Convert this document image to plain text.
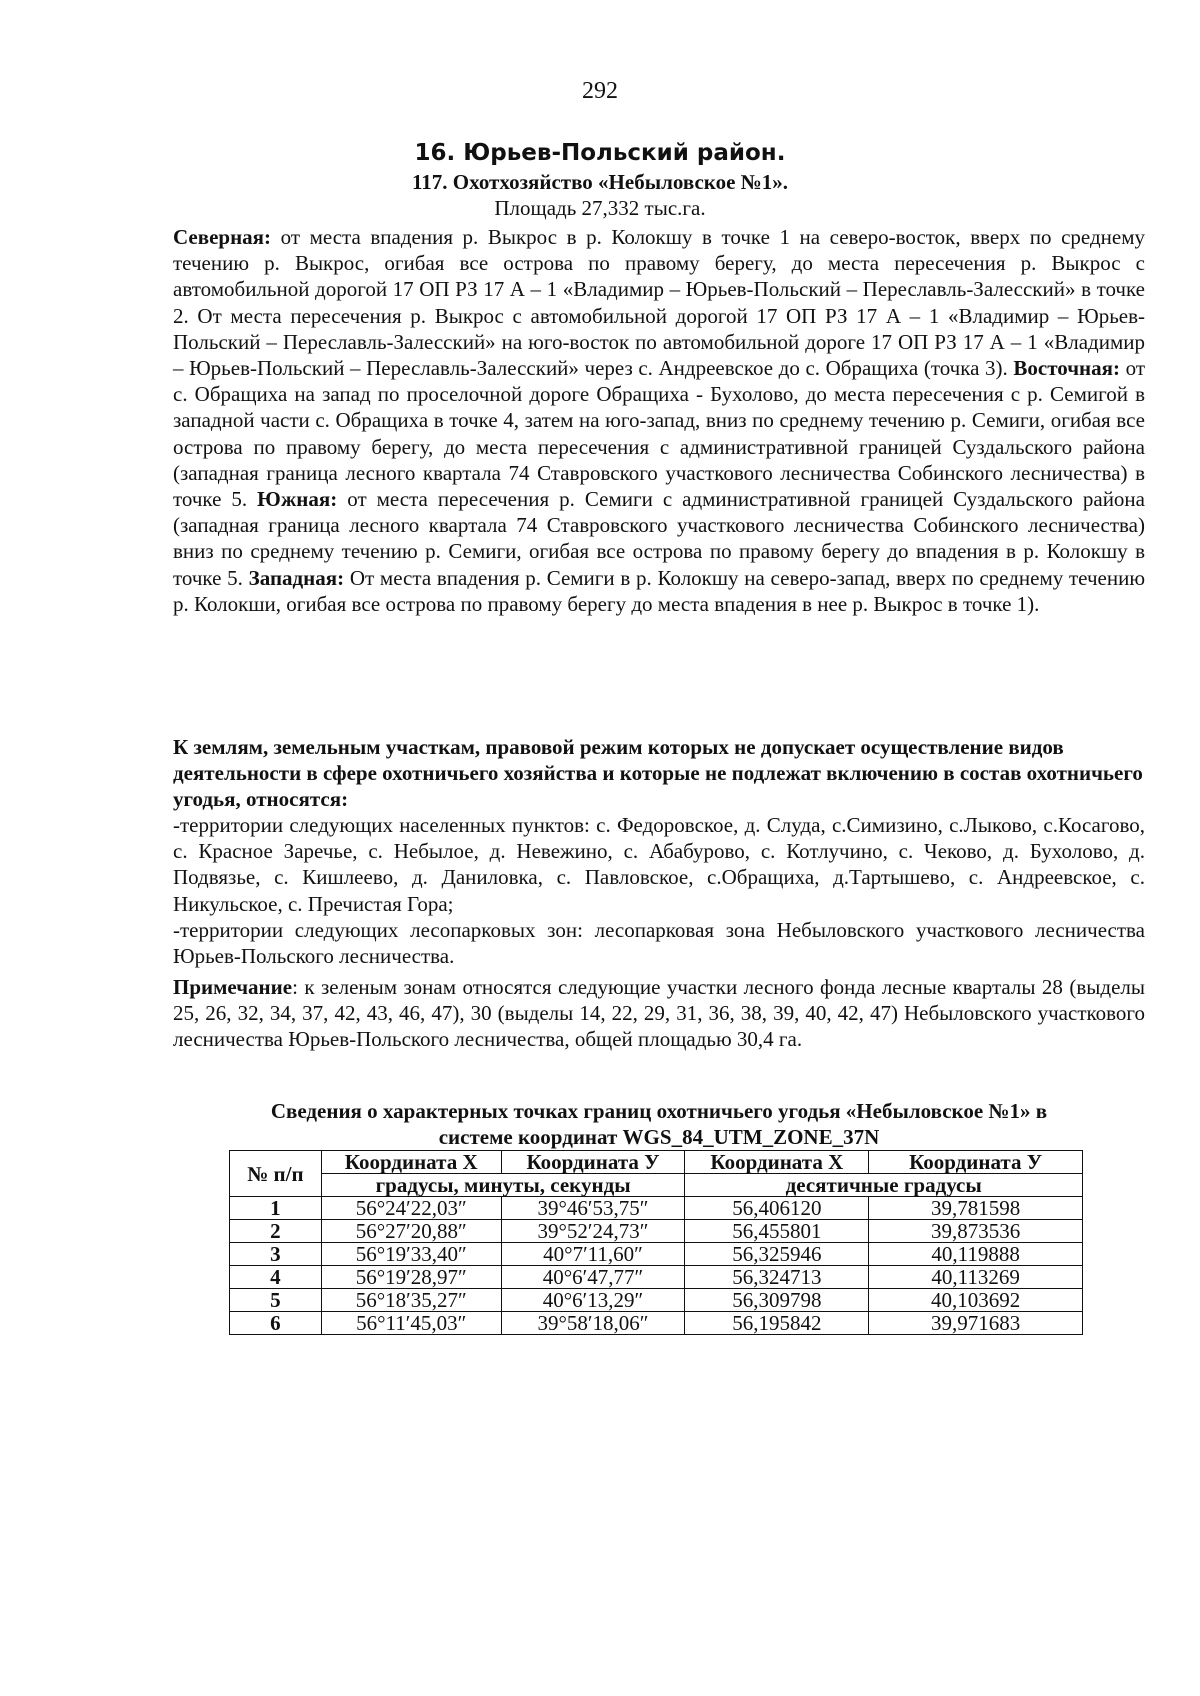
292
16. Юрьев-Польский район.
117. Охотхозяйство «Небыловское №1».
Площадь 27,332 тыс.га.

Северная: от места впадения р. Выкрос в р. Колокшу в точке 1 на северо-восток, вверх по среднему течению р. Выкрос, огибая все острова по правому берегу, до места пересечения р. Выкрос с автомобильной дорогой 17 ОП РЗ 17 А – 1 «Владимир – Юрьев-Польский – Переславль-Залесский» в точке 2. От места пересечения р. Выкрос с автомобильной дорогой 17 ОП РЗ 17 А – 1 «Владимир – Юрьев-Польский – Переславль-Залесский» на юго-восток по автомобильной дороге 17 ОП РЗ 17 А – 1 «Владимир – Юрьев-Польский – Переславль-Залесский» через с. Андреевское до с. Обращиха (точка 3). Восточная: от с. Обращиха на запад по проселочной дороге Обращиха - Бухолово, до места пересечения с р. Семигой в западной части с. Обращиха в точке 4, затем на юго-запад, вниз по среднему течению р. Семиги, огибая все острова по правому берегу, до места пересечения с административной границей Суздальского района (западная граница лесного квартала 74 Ставровского участкового лесничества Собинского лесничества) в точке 5. Южная: от места пересечения р. Семиги с административной границей Суздальского района (западная граница лесного квартала 74 Ставровского участкового лесничества Собинского лесничества) вниз по среднему течению р. Семиги, огибая все острова по правому берегу до впадения в р. Колокшу в точке 5. Западная: От места впадения р. Семиги в р. Колокшу на северо-запад, вверх по среднему течению р. Колокши, огибая все острова по правому берегу до места впадения в нее р. Выкрос в точке 1).

К землям, земельным участкам, правовой режим которых не допускает осуществление видов деятельности в сфере охотничьего хозяйства и которые не подлежат включению в состав охотничьего угодья, относятся:

-территории следующих населенных пунктов: с. Федоровское, д. Слуда, с.Симизино, с.Лыково, с.Косагово, с. Красное Заречье, с. Небылое, д. Невежино, с. Абабурово, с. Котлучино, с. Чеково, д. Бухолово, д. Подвязье, с. Кишлеево, д. Даниловка, с. Павловское, с.Обращиха, д.Тартышево, с. Андреевское, с. Никульское, с. Пречистая Гора;

-территории следующих лесопарковых зон: лесопарковая зона Небыловского участкового лесничества Юрьев-Польского лесничества.

Примечание: к зеленым зонам относятся следующие участки лесного фонда лесные кварталы 28 (выделы 25, 26, 32, 34, 37, 42, 43, 46, 47), 30 (выделы 14, 22, 29, 31, 36, 38, 39, 40, 42, 47) Небыловского участкового лесничества Юрьев-Польского лесничества, общей площадью 30,4 га.

Сведения о характерных точках границ охотничьего угодья «Небыловское №1» в
системе координат WGS_84_UTM_ZONE_37N
№ п/п	Координата X	Координата У	Координата X	Координата У
	градусы, минуты, секунды		десятичные градусы	
1	56°24′22,03″	39°46′53,75″	56,406120	39,781598
2	56°27′20,88″	39°52′24,73″	56,455801	39,873536
3	56°19′33,40″	40°7′11,60″	56,325946	40,119888
4	56°19′28,97″	40°6′47,77″	56,324713	40,113269
5	56°18′35,27″	40°6′13,29″	56,309798	40,103692
6	56°11′45,03″	39°58′18,06″	56,195842	39,971683
